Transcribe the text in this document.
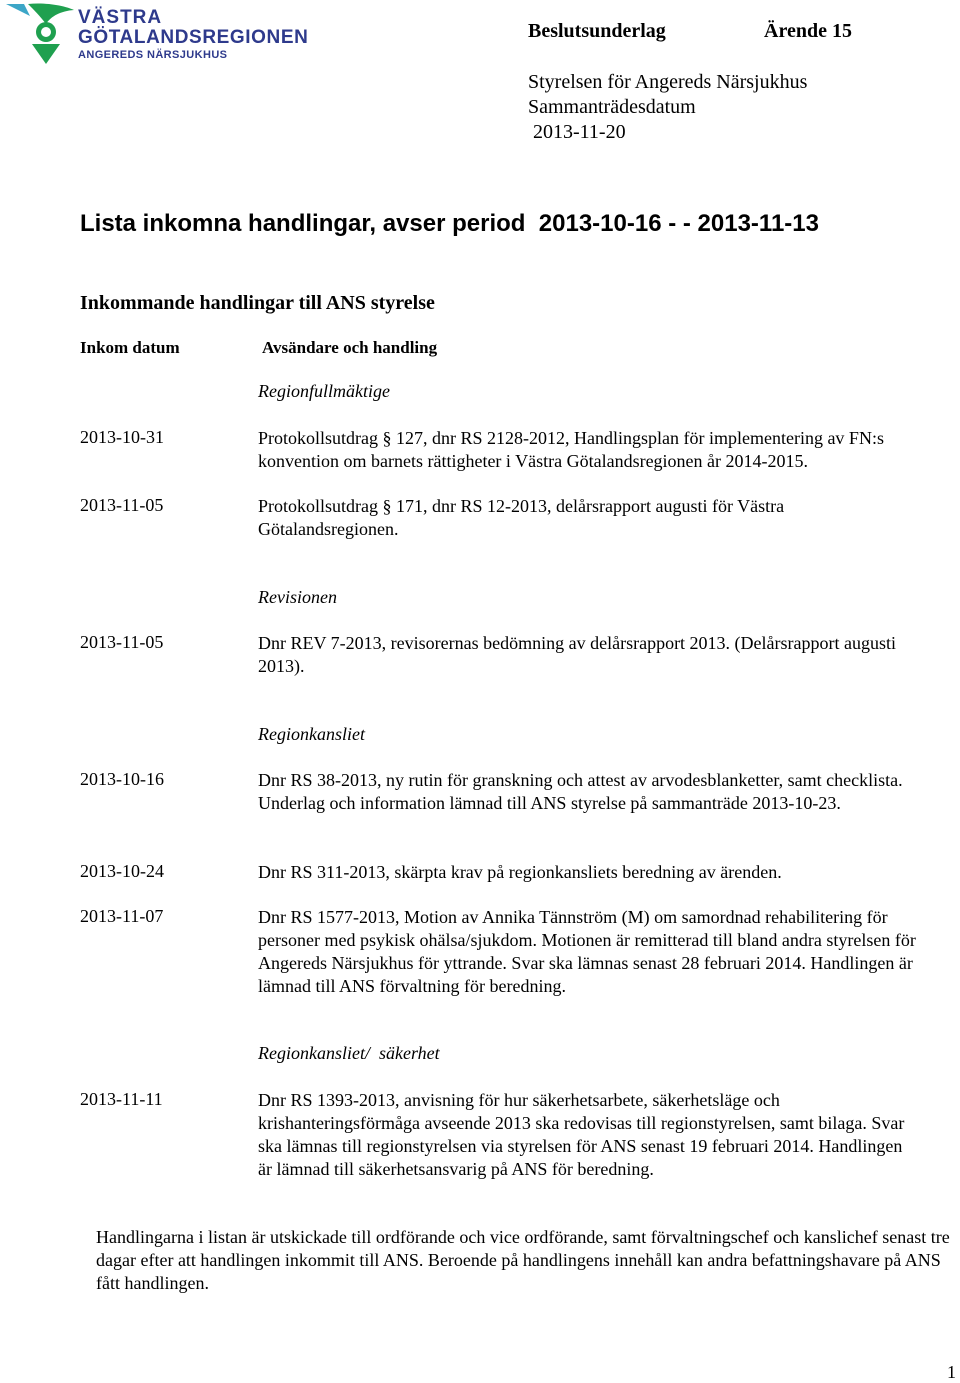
VÄSTRA
GÖTALANDSREGIONEN
ANGEREDS NÄRSJUKHUS
Beslutsunderlag	Ärende 15
Styrelsen för Angereds Närsjukhus
Sammanträdesdatum
2013-11-20
Lista inkomna handlingar, avser period  2013-10-16 - - 2013-11-13
Inkommande handlingar till ANS styrelse
Inkom datum	Avsändare och handling
Regionfullmäktige
2013-10-31	Protokollsutdrag § 127, dnr RS 2128-2012, Handlingsplan för implementering av FN:s konvention om barnets rättigheter i Västra Götalandsregionen år 2014-2015.
2013-11-05	Protokollsutdrag § 171, dnr RS 12-2013, delårsrapport augusti för Västra Götalandsregionen.
Revisionen
2013-11-05	Dnr REV 7-2013, revisorernas bedömning av delårsrapport 2013. (Delårsrapport augusti 2013).
Regionkansliet
2013-10-16	Dnr RS 38-2013, ny rutin för granskning och attest av arvodesblanketter, samt checklista. Underlag och information lämnad till ANS styrelse på sammanträde 2013-10-23.
2013-10-24	Dnr RS 311-2013, skärpta krav på regionkansliets beredning av ärenden.
2013-11-07	Dnr RS 1577-2013, Motion av Annika Tännström (M) om samordnad rehabilitering för personer med psykisk ohälsa/sjukdom. Motionen är remitterad till bland andra styrelsen för Angereds Närsjukhus för yttrande. Svar ska lämnas senast 28 februari 2014. Handlingen är lämnad till ANS förvaltning för beredning.
Regionkansliet/  säkerhet
2013-11-11	Dnr RS 1393-2013, anvisning för hur säkerhetsarbete, säkerhetsläge och krishanteringsförmåga avseende 2013 ska redovisas till regionstyrelsen, samt bilaga. Svar ska lämnas till regionstyrelsen via styrelsen för ANS senast 19 februari 2014. Handlingen är lämnad till säkerhetsansvarig på ANS för beredning.
Handlingarna i listan är utskickade till ordförande och vice ordförande, samt förvaltningschef och kanslichef senast tre dagar efter att handlingen inkommit till ANS. Beroende på handlingens innehåll kan andra befattningshavare på ANS fått handlingen.
1
